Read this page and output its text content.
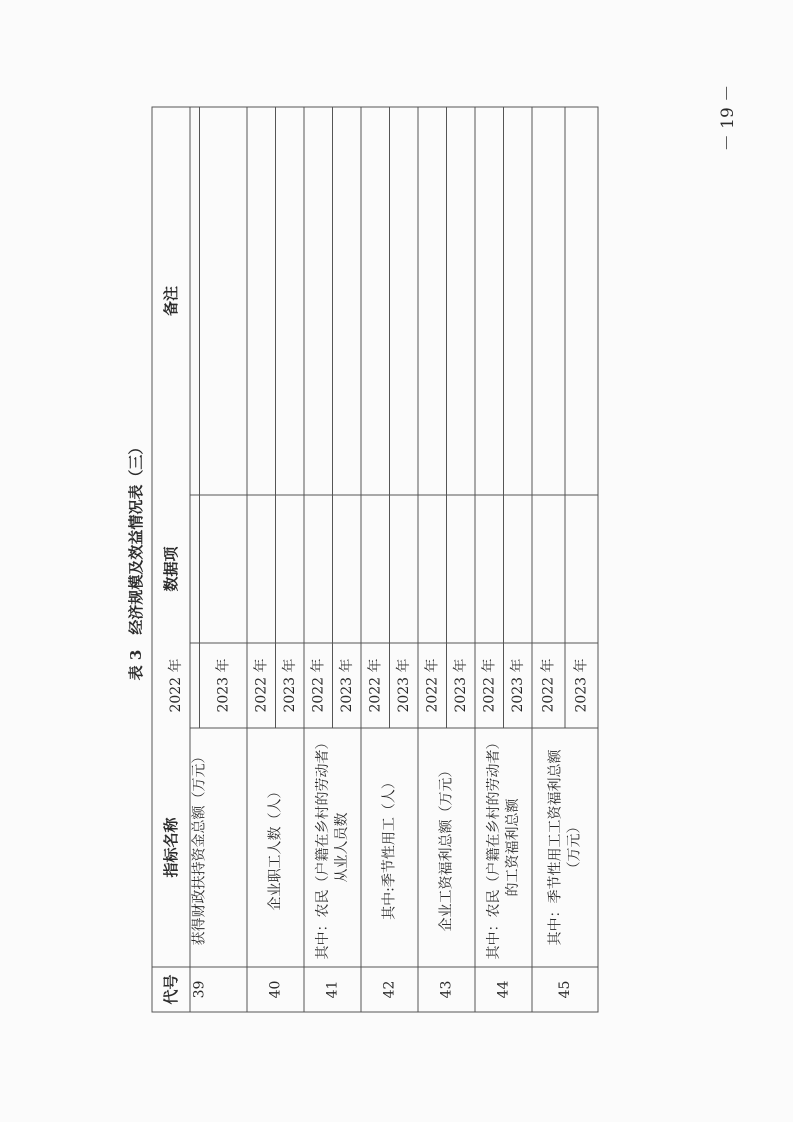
表 3　经济规模及效益情况表（三）
代号
指标名称
数据项
备注
39
获得财政扶持资金总额（万元）
2022 年 2023 年
40
企业职工人数（人）
2022 年 2023 年
41
其中：农民（户籍在乡村的劳动者） 从业人员数
2022 年 2023 年
42
其中:季节性用工（人）
2022 年 2023 年
43
企业工资福利总额（万元）
2022 年 2023 年
44
其中：农民（户籍在乡村的劳动者） 的工资福利总额
2022 年 2023 年
45
其中：季节性用工工资福利总额 （万元）
2022 年 2023 年
－ 19 －
